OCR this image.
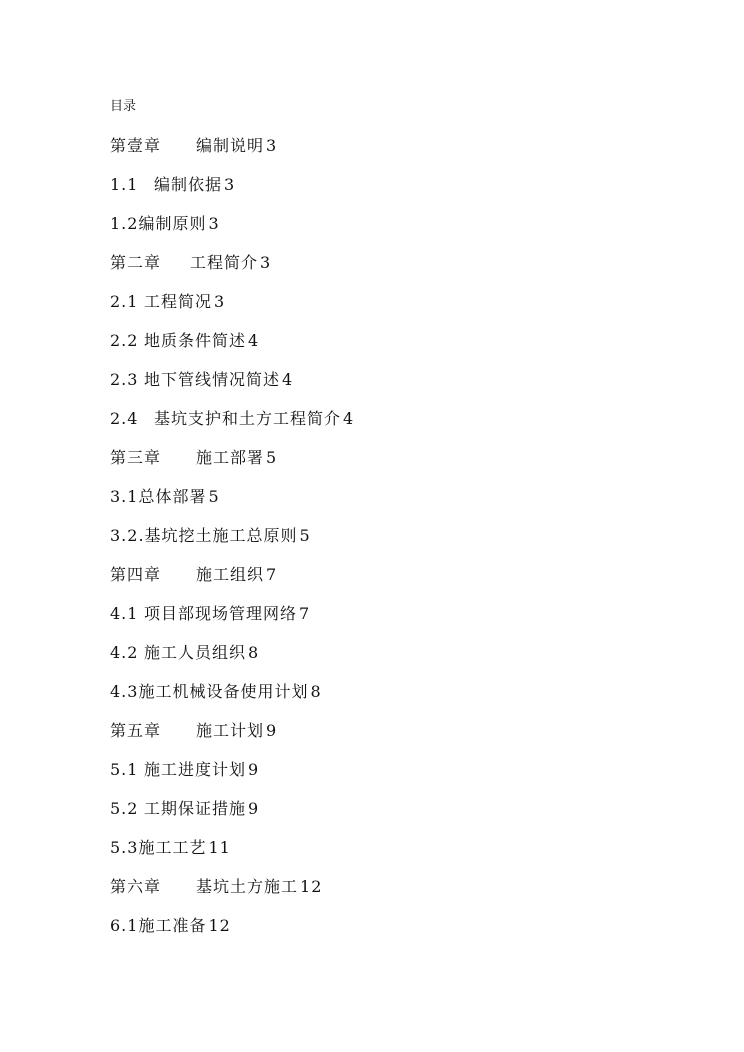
目录
第壹章 编制说明 3
1.1 编制依据 3
1.2编制原则 3
第二章 工程简介 3
2.1 工程简况 3
2.2 地质条件简述 4
2.3 地下管线情况简述 4
2.4 基坑支护和土方工程简介 4
第三章 施工部署 5
3.1总体部署 5
3.2.基坑挖土施工总原则 5
第四章 施工组织 7
4.1 项目部现场管理网络 7
4.2 施工人员组织 8
4.3施工机械设备使用计划 8
第五章 施工计划 9
5.1 施工进度计划 9
5.2 工期保证措施 9
5.3施工工艺 11
第六章 基坑土方施工 12
6.1施工准备 12
